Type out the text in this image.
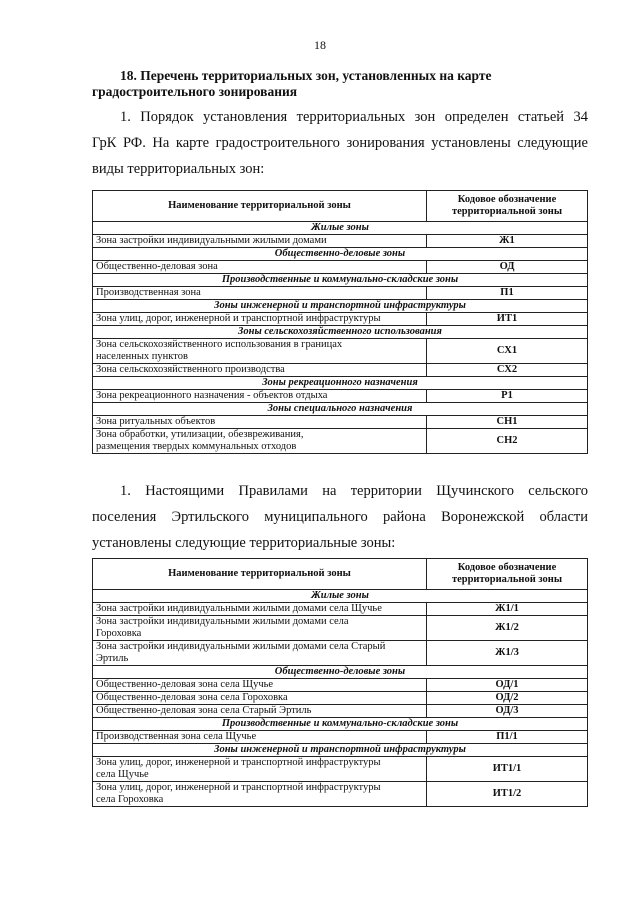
18
18. Перечень территориальных зон, установленных на карте
градостроительного зонирования
1. Порядок установления территориальных зон определен статьей 34
ГрК РФ. На карте градостроительного зонирования установлены следующие
виды территориальных зон:
Наименование территориальной зоны	Кодовое обозначение
территориальной зоны
Жилые зоны	
Зона застройки индивидуальными жилыми домами	Ж1
Общественно-деловые зоны	
Общественно-деловая зона	ОД
Производственные и коммунально-складские зоны	
Производственная зона	П1
Зоны инженерной и транспортной инфраструктуры	
Зона улиц, дорог, инженерной и транспортной инфраструктуры	ИТ1
Зоны сельскохозяйственного использования	
Зона сельскохозяйственного использования в границах
населенных пунктов	СХ1
Зона сельскохозяйственного производства	СХ2
Зоны рекреационного назначения	
Зона рекреационного назначения - объектов отдыха	Р1
Зоны специального назначения	
Зона ритуальных объектов	СН1
Зона обработки, утилизации, обезвреживания,
размещения твердых коммунальных отходов	СН2
1. Настоящими Правилами на территории Щучинского сельского
поселения Эртильского муниципального района Воронежской области
установлены следующие территориальные зоны:
Наименование территориальной зоны	Кодовое обозначение
территориальной зоны
Жилые зоны	
Зона застройки индивидуальными жилыми домами села Щучье	Ж1/1
Зона застройки индивидуальными жилыми домами села
Гороховка	Ж1/2
Зона застройки индивидуальными жилыми домами села Старый
Эртиль	Ж1/3
Общественно-деловые зоны	
Общественно-деловая зона села Щучье	ОД/1
Общественно-деловая зона села Гороховка	ОД/2
Общественно-деловая зона села Старый Эртиль	ОД/3
Производственные и коммунально-складские зоны	
Производственная зона села Щучье	П1/1
Зоны инженерной и транспортной инфраструктуры	
Зона улиц, дорог, инженерной и транспортной инфраструктуры
села Щучье	ИТ1/1
Зона улиц, дорог, инженерной и транспортной инфраструктуры
села Гороховка	ИТ1/2
